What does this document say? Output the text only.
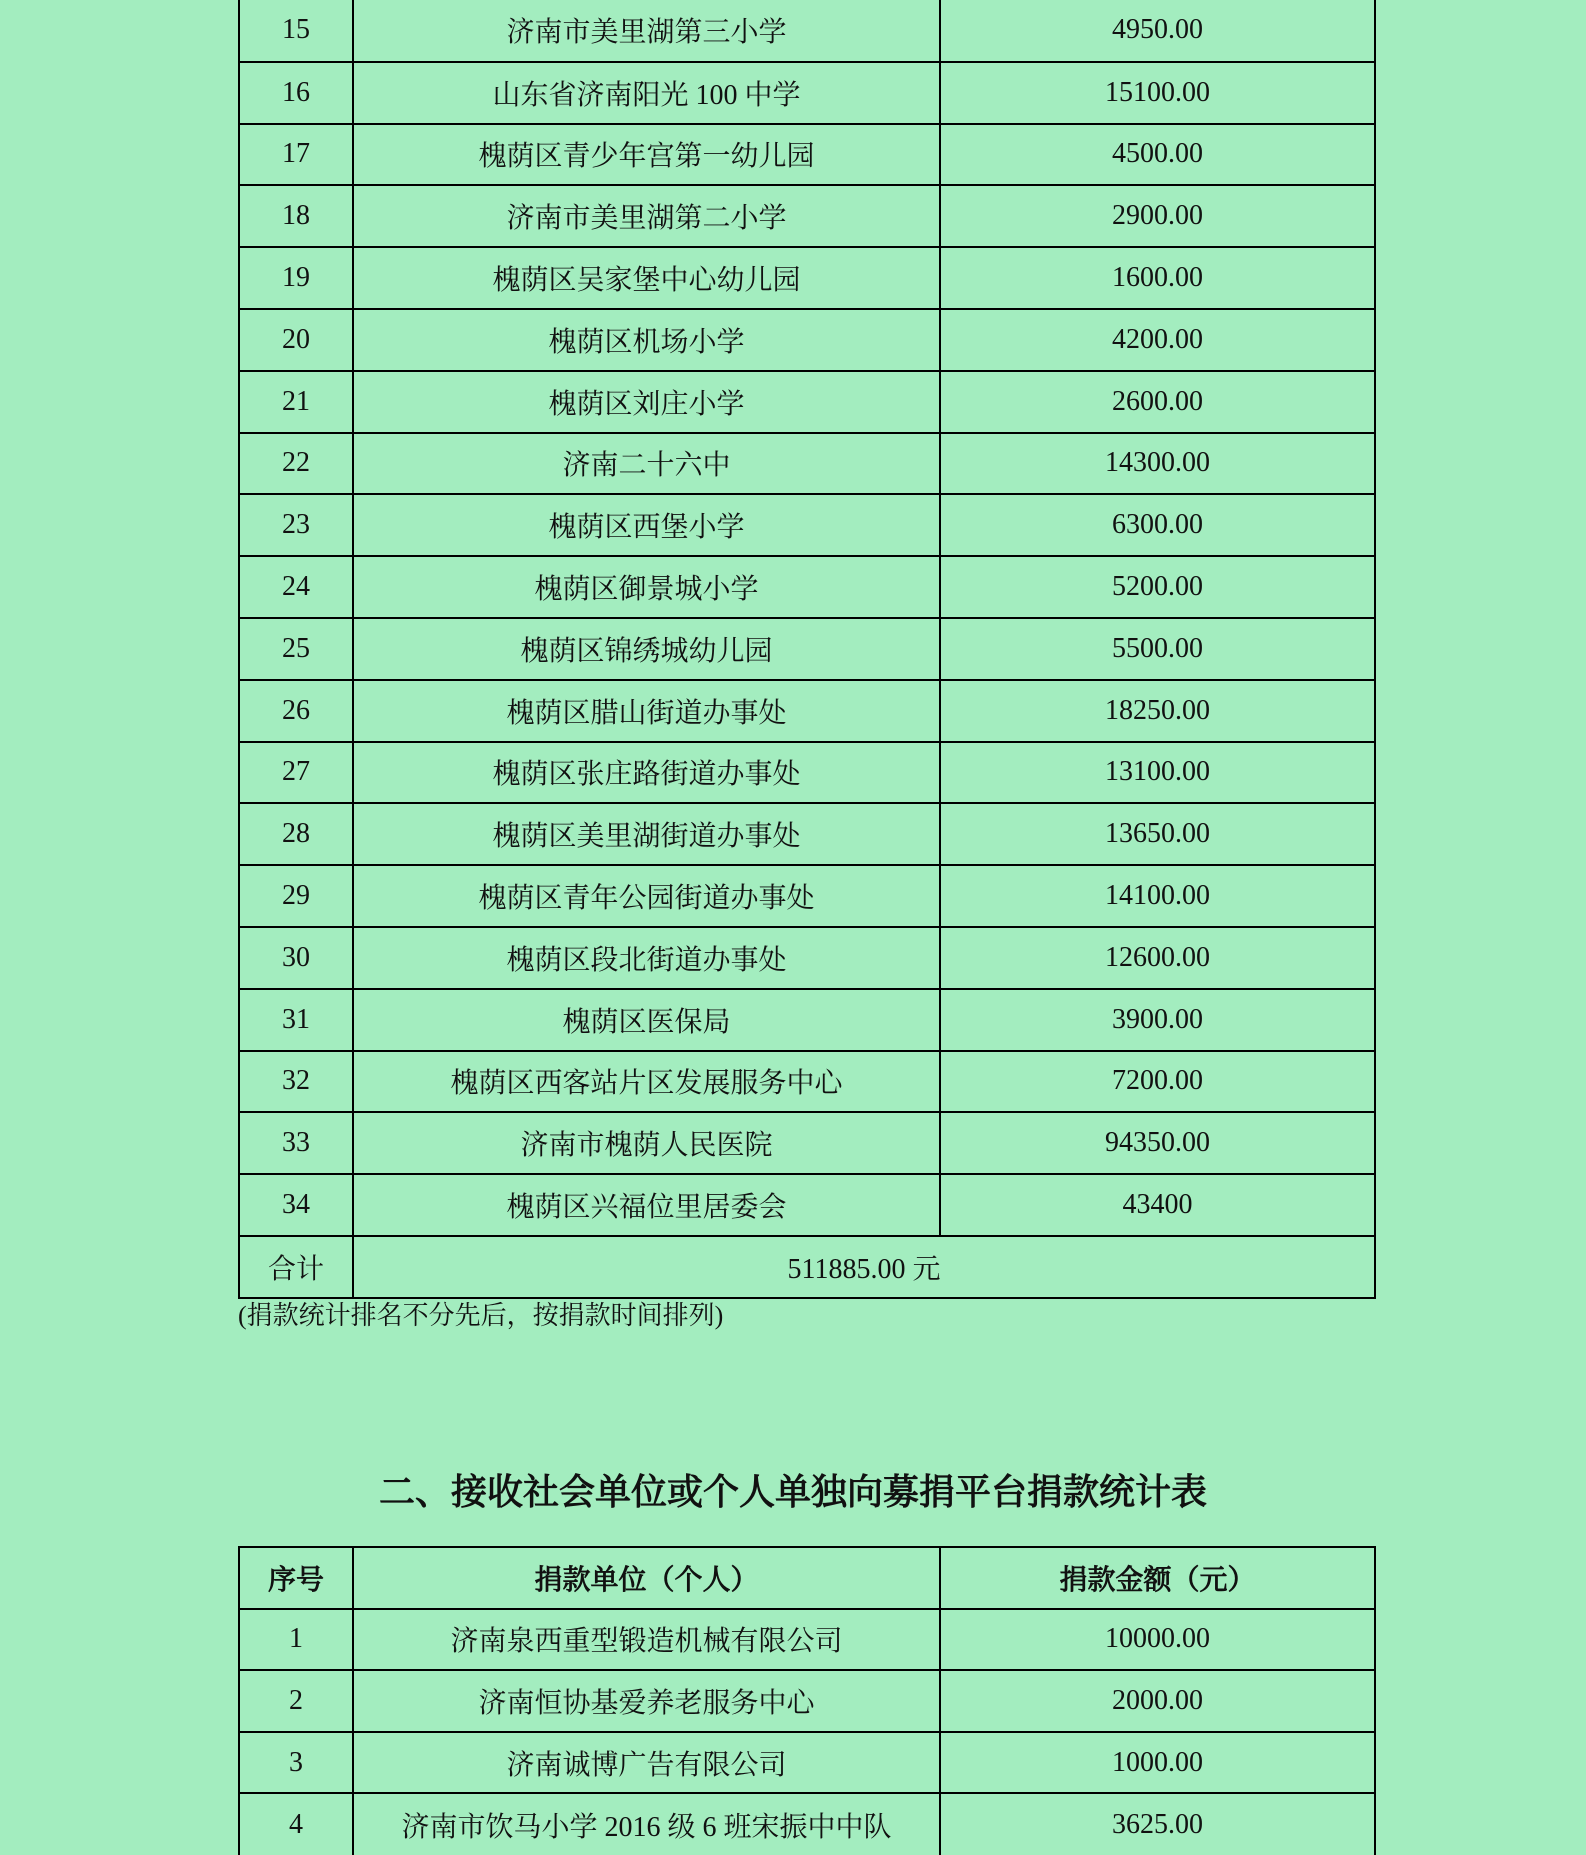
15	济南市美里湖第三小学	4950.00
16	山东省济南阳光 100 中学	15100.00
17	槐荫区青少年宫第一幼儿园	4500.00
18	济南市美里湖第二小学	2900.00
19	槐荫区吴家堡中心幼儿园	1600.00
20	槐荫区机场小学	4200.00
21	槐荫区刘庄小学	2600.00
22	济南二十六中	14300.00
23	槐荫区西堡小学	6300.00
24	槐荫区御景城小学	5200.00
25	槐荫区锦绣城幼儿园	5500.00
26	槐荫区腊山街道办事处	18250.00
27	槐荫区张庄路街道办事处	13100.00
28	槐荫区美里湖街道办事处	13650.00
29	槐荫区青年公园街道办事处	14100.00
30	槐荫区段北街道办事处	12600.00
31	槐荫区医保局	3900.00
32	槐荫区西客站片区发展服务中心	7200.00
33	济南市槐荫人民医院	94350.00
34	槐荫区兴福位里居委会	43400
合计	511885.00 元	
(捐款统计排名不分先后，按捐款时间排列)
二、接收社会单位或个人单独向募捐平台捐款统计表
序号	捐款单位（个人）	捐款金额（元）
1	济南泉西重型锻造机械有限公司	10000.00
2	济南恒协基爱养老服务中心	2000.00
3	济南诚博广告有限公司	1000.00
4	济南市饮马小学 2016 级 6 班宋振中中队	3625.00
